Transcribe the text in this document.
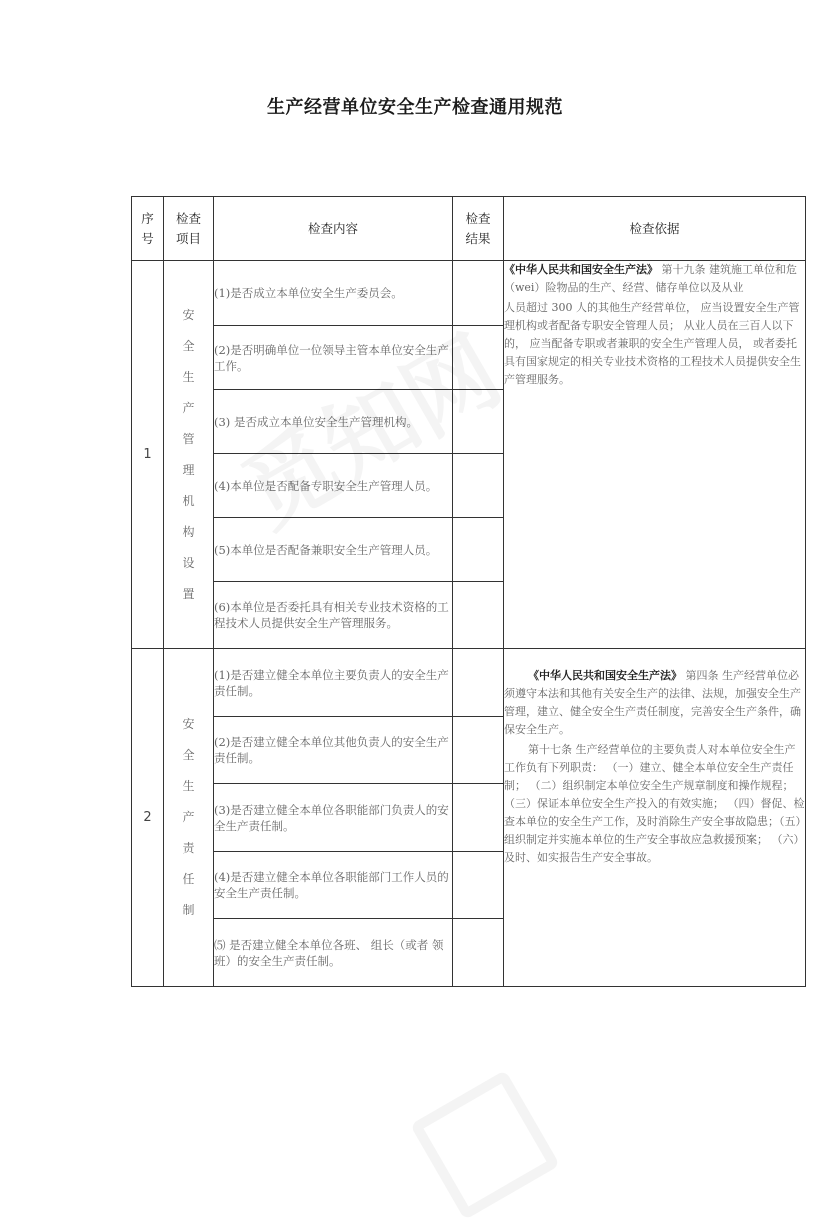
生产经营单位安全生产检查通用规范
序号	检查项目	检查内容	检查结果	检查依据
1	安全生产管理机构设置	(1)是否成立本单位安全生产委员会。		《中华人民共和国安全生产法》 第十九条 建筑施工单位和危（wei）险物品的生产、经营、储存单位以及从业
人员超过 300 人的其他生产经营单位， 应当设置安全生产管理机构或者配备专职安全管理人员； 从业人员在三百人以下的， 应当配备专职或者兼职的安全生产管理人员， 或者委托具有国家规定的相关专业技术资格的工程技术人员提供安全生产管理服务。

		(2)是否明确单位一位领导主管本单位安全生产工作。		
		(3) 是否成立本单位安全生产管理机构。		
		(4)本单位是否配备专职安全生产管理人员。		
		(5)本单位是否配备兼职安全生产管理人员。		
		(6)本单位是否委托具有相关专业技术资格的工程技术人员提供安全生产管理服务。		
2	安全生产责任制	(1)是否建立健全本单位主要负责人的安全生产责任制。		《中华人民共和国安全生产法》 第四条 生产经营单位必须遵守本法和其他有关安全生产的法律、法规，加强安全生产管理，建立、健全安全生产责任制度，完善安全生产条件，确保安全生产。
第十七条 生产经营单位的主要负责人对本单位安全生产工作负有下列职责： （一）建立、健全本单位安全生产责任制； （二）组织制定本单位安全生产规章制度和操作规程； （三）保证本单位安全生产投入的有效实施； （四）督促、检查本单位的安全生产工作，及时消除生产安全事故隐患；（五）组织制定并实施本单位的生产安全事故应急救援预案； （六）及时、如实报告生产安全事故。

		(2)是否建立健全本单位其他负责人的安全生产责任制。		
		(3)是否建立健全本单位各职能部门负责人的安全生产责任制。		
		(4)是否建立健全本单位各职能部门工作人员的安全生产责任制。		
		⑸ 是否建立健全本单位各班、 组长（或者 领班）的安全生产责任制。		
